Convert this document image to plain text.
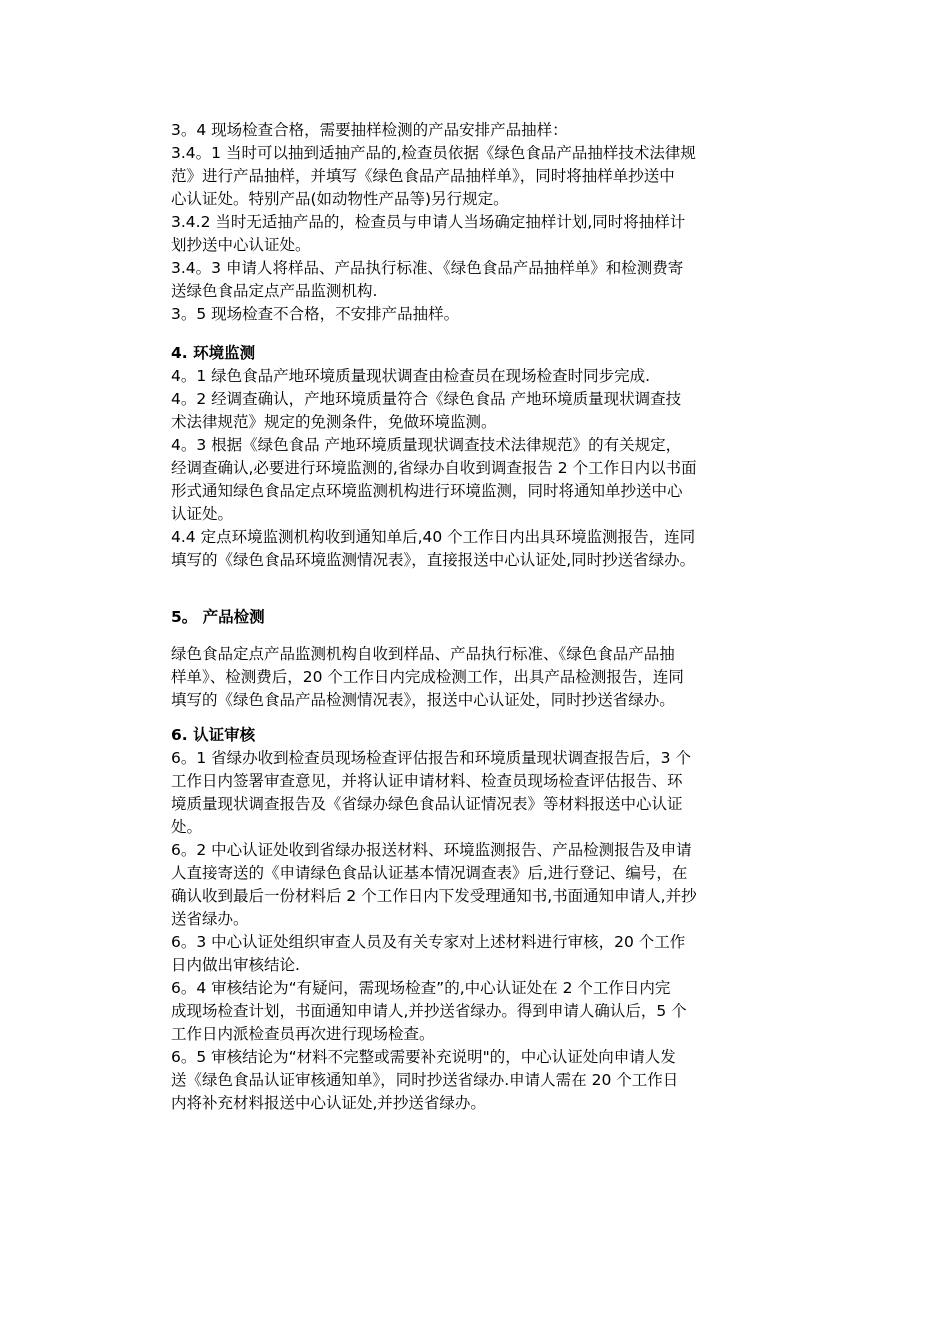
3。4 现场检查合格，需要抽样检测的产品安排产品抽样：

3.4。1 当时可以抽到适抽产品的,检查员依据《绿色食品产品抽样技术法律规

范》进行产品抽样，并填写《绿色食品产品抽样单》，同时将抽样单抄送中

心认证处。特别产品(如动物性产品等)另行规定。

3.4.2 当时无适抽产品的，检查员与申请人当场确定抽样计划,同时将抽样计

划抄送中心认证处。

3.4。3 申请人将样品、产品执行标准、《绿色食品产品抽样单》和检测费寄

送绿色食品定点产品监测机构.

3。5 现场检查不合格，不安排产品抽样。

4. 环境监测

4。1 绿色食品产地环境质量现状调查由检查员在现场检查时同步完成.

4。2 经调查确认，产地环境质量符合《绿色食品 产地环境质量现状调查技

术法律规范》规定的免测条件，免做环境监测。

4。3 根据《绿色食品 产地环境质量现状调查技术法律规范》的有关规定，

经调查确认,必要进行环境监测的,省绿办自收到调查报告 2 个工作日内以书面

形式通知绿色食品定点环境监测机构进行环境监测，同时将通知单抄送中心

认证处。

4.4 定点环境监测机构收到通知单后,40 个工作日内出具环境监测报告，连同

填写的《绿色食品环境监测情况表》，直接报送中心认证处,同时抄送省绿办。

5。 产品检测

绿色食品定点产品监测机构自收到样品、产品执行标准、《绿色食品产品抽

样单》、检测费后，20 个工作日内完成检测工作，出具产品检测报告，连同

填写的《绿色食品产品检测情况表》，报送中心认证处，同时抄送省绿办。

6. 认证审核

6。1 省绿办收到检查员现场检查评估报告和环境质量现状调查报告后，3 个

工作日内签署审查意见，并将认证申请材料、检查员现场检查评估报告、环

境质量现状调查报告及《省绿办绿色食品认证情况表》等材料报送中心认证

处。

6。2 中心认证处收到省绿办报送材料、环境监测报告、产品检测报告及申请

人直接寄送的《申请绿色食品认证基本情况调查表》后,进行登记、编号，在

确认收到最后一份材料后 2 个工作日内下发受理通知书,书面通知申请人,并抄

送省绿办。

6。3 中心认证处组织审查人员及有关专家对上述材料进行审核，20 个工作

日内做出审核结论.

6。4 审核结论为“有疑问，需现场检查”的,中心认证处在 2 个工作日内完

成现场检查计划，书面通知申请人,并抄送省绿办。得到申请人确认后，5 个

工作日内派检查员再次进行现场检查。

6。5 审核结论为“材料不完整或需要补充说明"的，中心认证处向申请人发

送《绿色食品认证审核通知单》，同时抄送省绿办.申请人需在 20 个工作日

内将补充材料报送中心认证处,并抄送省绿办。
